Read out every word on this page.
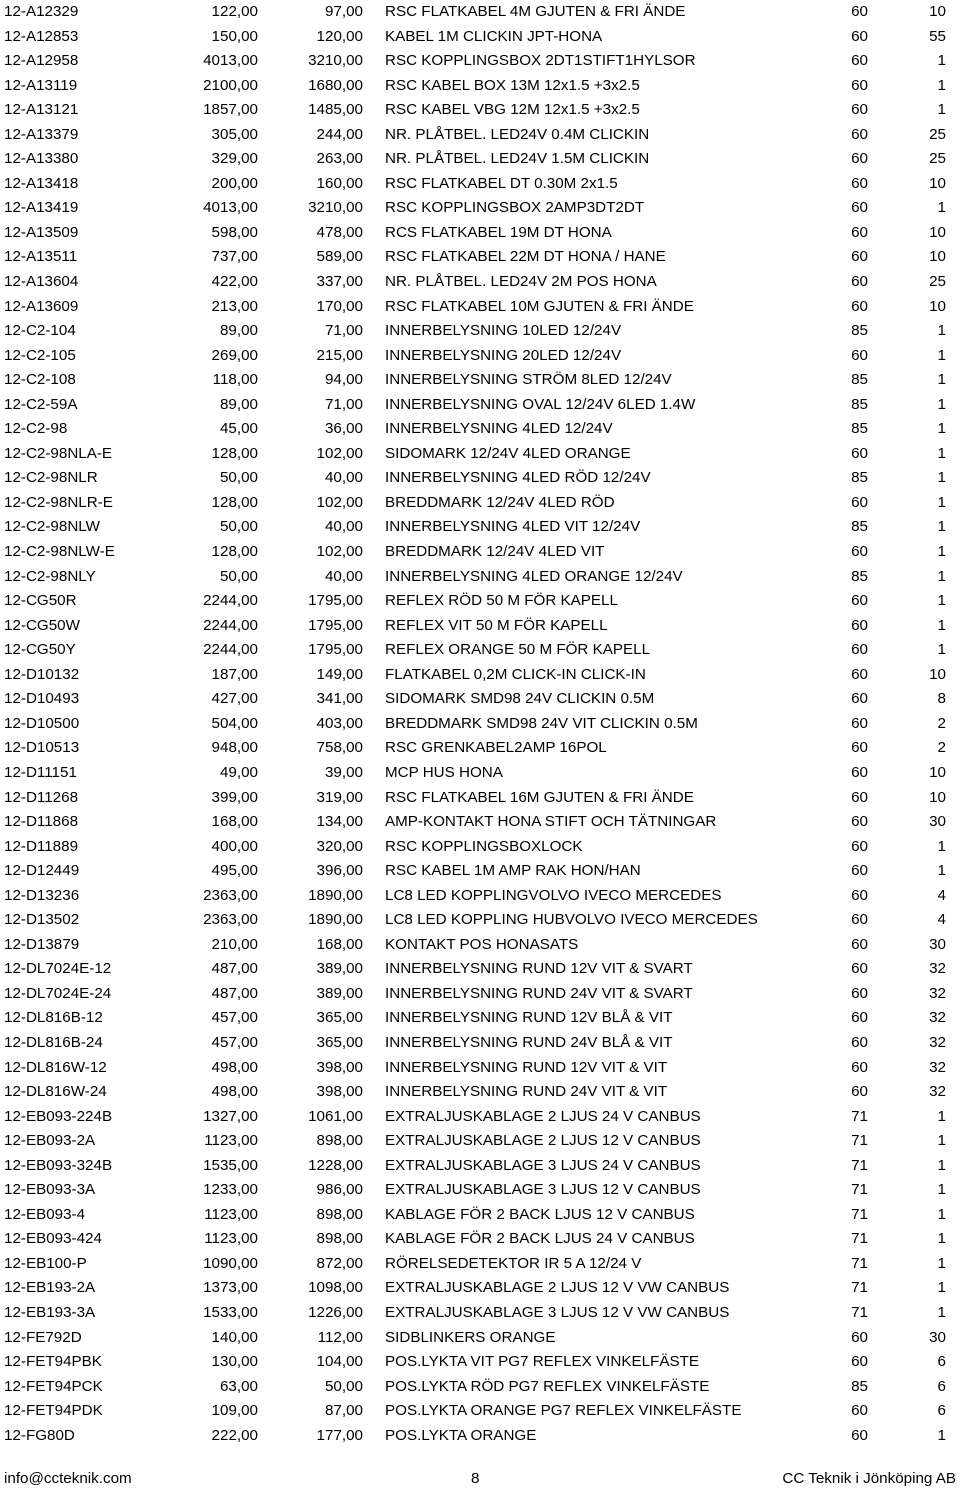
12-A12329	122,00	97,00 RSC FLATKABEL 4M GJUTEN & FRI ÄNDE	60	10
12-A12853	150,00	120,00 KABEL 1M CLICKIN JPT-HONA	60	55
12-A12958	4013,00	3210,00 RSC KOPPLINGSBOX 2DT1STIFT1HYLSOR	60	1
12-A13119	2100,00	1680,00 RSC KABEL BOX 13M 12x1.5 +3x2.5	60	1
12-A13121	1857,00	1485,00 RSC KABEL VBG 12M 12x1.5 +3x2.5	60	1
12-A13379	305,00	244,00 NR. PLÅTBEL. LED24V 0.4M CLICKIN	60	25
12-A13380	329,00	263,00 NR. PLÅTBEL. LED24V 1.5M CLICKIN	60	25
12-A13418	200,00	160,00 RSC FLATKABEL DT 0.30M 2x1.5	60	10
12-A13419	4013,00	3210,00 RSC KOPPLINGSBOX 2AMP3DT2DT	60	1
12-A13509	598,00	478,00 RCS FLATKABEL 19M DT HONA	60	10
12-A13511	737,00	589,00 RSC FLATKABEL 22M DT HONA / HANE	60	10
12-A13604	422,00	337,00 NR. PLÅTBEL. LED24V 2M POS HONA	60	25
12-A13609	213,00	170,00 RSC FLATKABEL 10M GJUTEN & FRI ÄNDE	60	10
12-C2-104	89,00	71,00 INNERBELYSNING 10LED 12/24V	85	1
12-C2-105	269,00	215,00 INNERBELYSNING 20LED 12/24V	60	1
12-C2-108	118,00	94,00 INNERBELYSNING STRÖM 8LED 12/24V	85	1
12-C2-59A	89,00	71,00 INNERBELYSNING OVAL 12/24V 6LED 1.4W	85	1
12-C2-98	45,00	36,00 INNERBELYSNING 4LED 12/24V	85	1
12-C2-98NLA-E	128,00	102,00 SIDOMARK 12/24V 4LED ORANGE	60	1
12-C2-98NLR	50,00	40,00 INNERBELYSNING 4LED RÖD 12/24V	85	1
12-C2-98NLR-E	128,00	102,00 BREDDMARK 12/24V 4LED RÖD	60	1
12-C2-98NLW	50,00	40,00 INNERBELYSNING 4LED VIT 12/24V	85	1
12-C2-98NLW-E	128,00	102,00 BREDDMARK 12/24V 4LED VIT	60	1
12-C2-98NLY	50,00	40,00 INNERBELYSNING 4LED ORANGE 12/24V	85	1
12-CG50R	2244,00	1795,00 REFLEX RÖD 50 M FÖR KAPELL	60	1
12-CG50W	2244,00	1795,00 REFLEX VIT 50 M FÖR KAPELL	60	1
12-CG50Y	2244,00	1795,00 REFLEX ORANGE 50 M FÖR KAPELL	60	1
12-D10132	187,00	149,00 FLATKABEL 0,2M CLICK-IN CLICK-IN	60	10
12-D10493	427,00	341,00 SIDOMARK SMD98 24V CLICKIN 0.5M	60	8
12-D10500	504,00	403,00 BREDDMARK SMD98 24V VIT CLICKIN 0.5M	60	2
12-D10513	948,00	758,00 RSC GRENKABEL2AMP 16POL	60	2
12-D11151	49,00	39,00 MCP HUS HONA	60	10
12-D11268	399,00	319,00 RSC FLATKABEL 16M GJUTEN & FRI ÄNDE	60	10
12-D11868	168,00	134,00 AMP-KONTAKT HONA STIFT OCH TÄTNINGAR	60	30
12-D11889	400,00	320,00 RSC KOPPLINGSBOXLOCK	60	1
12-D12449	495,00	396,00 RSC KABEL 1M AMP RAK HON/HAN	60	1
12-D13236	2363,00	1890,00 LC8 LED KOPPLINGVOLVO IVECO MERCEDES	60	4
12-D13502	2363,00	1890,00 LC8 LED KOPPLING HUBVOLVO IVECO MERCEDES	60	4
12-D13879	210,00	168,00 KONTAKT POS HONASATS	60	30
12-DL7024E-12	487,00	389,00 INNERBELYSNING RUND 12V VIT & SVART	60	32
12-DL7024E-24	487,00	389,00 INNERBELYSNING RUND 24V VIT & SVART	60	32
12-DL816B-12	457,00	365,00 INNERBELYSNING RUND 12V BLÅ & VIT	60	32
12-DL816B-24	457,00	365,00 INNERBELYSNING RUND 24V BLÅ & VIT	60	32
12-DL816W-12	498,00	398,00 INNERBELYSNING RUND 12V VIT & VIT	60	32
12-DL816W-24	498,00	398,00 INNERBELYSNING RUND 24V VIT & VIT	60	32
12-EB093-224B	1327,00	1061,00 EXTRALJUSKABLAGE 2 LJUS 24 V CANBUS	71	1
12-EB093-2A	1123,00	898,00 EXTRALJUSKABLAGE 2 LJUS 12 V CANBUS	71	1
12-EB093-324B	1535,00	1228,00 EXTRALJUSKABLAGE 3 LJUS 24 V CANBUS	71	1
12-EB093-3A	1233,00	986,00 EXTRALJUSKABLAGE 3 LJUS 12 V CANBUS	71	1
12-EB093-4	1123,00	898,00 KABLAGE FÖR 2 BACK LJUS 12 V CANBUS	71	1
12-EB093-424	1123,00	898,00 KABLAGE FÖR 2 BACK LJUS 24 V CANBUS	71	1
12-EB100-P	1090,00	872,00 RÖRELSEDETEKTOR IR 5 A 12/24 V	71	1
12-EB193-2A	1373,00	1098,00 EXTRALJUSKABLAGE 2 LJUS 12 V VW CANBUS	71	1
12-EB193-3A	1533,00	1226,00 EXTRALJUSKABLAGE 3 LJUS 12 V VW CANBUS	71	1
12-FE792D	140,00	112,00 SIDBLINKERS ORANGE	60	30
12-FET94PBK	130,00	104,00 POS.LYKTA VIT PG7 REFLEX VINKELFÄSTE	60	6
12-FET94PCK	63,00	50,00 POS.LYKTA RÖD PG7 REFLEX VINKELFÄSTE	85	6
12-FET94PDK	109,00	87,00 POS.LYKTA ORANGE PG7 REFLEX VINKELFÄSTE	60	6
12-FG80D	222,00	177,00 POS.LYKTA ORANGE	60	1
info@ccteknik.com	8	CC Teknik i Jönköping AB
